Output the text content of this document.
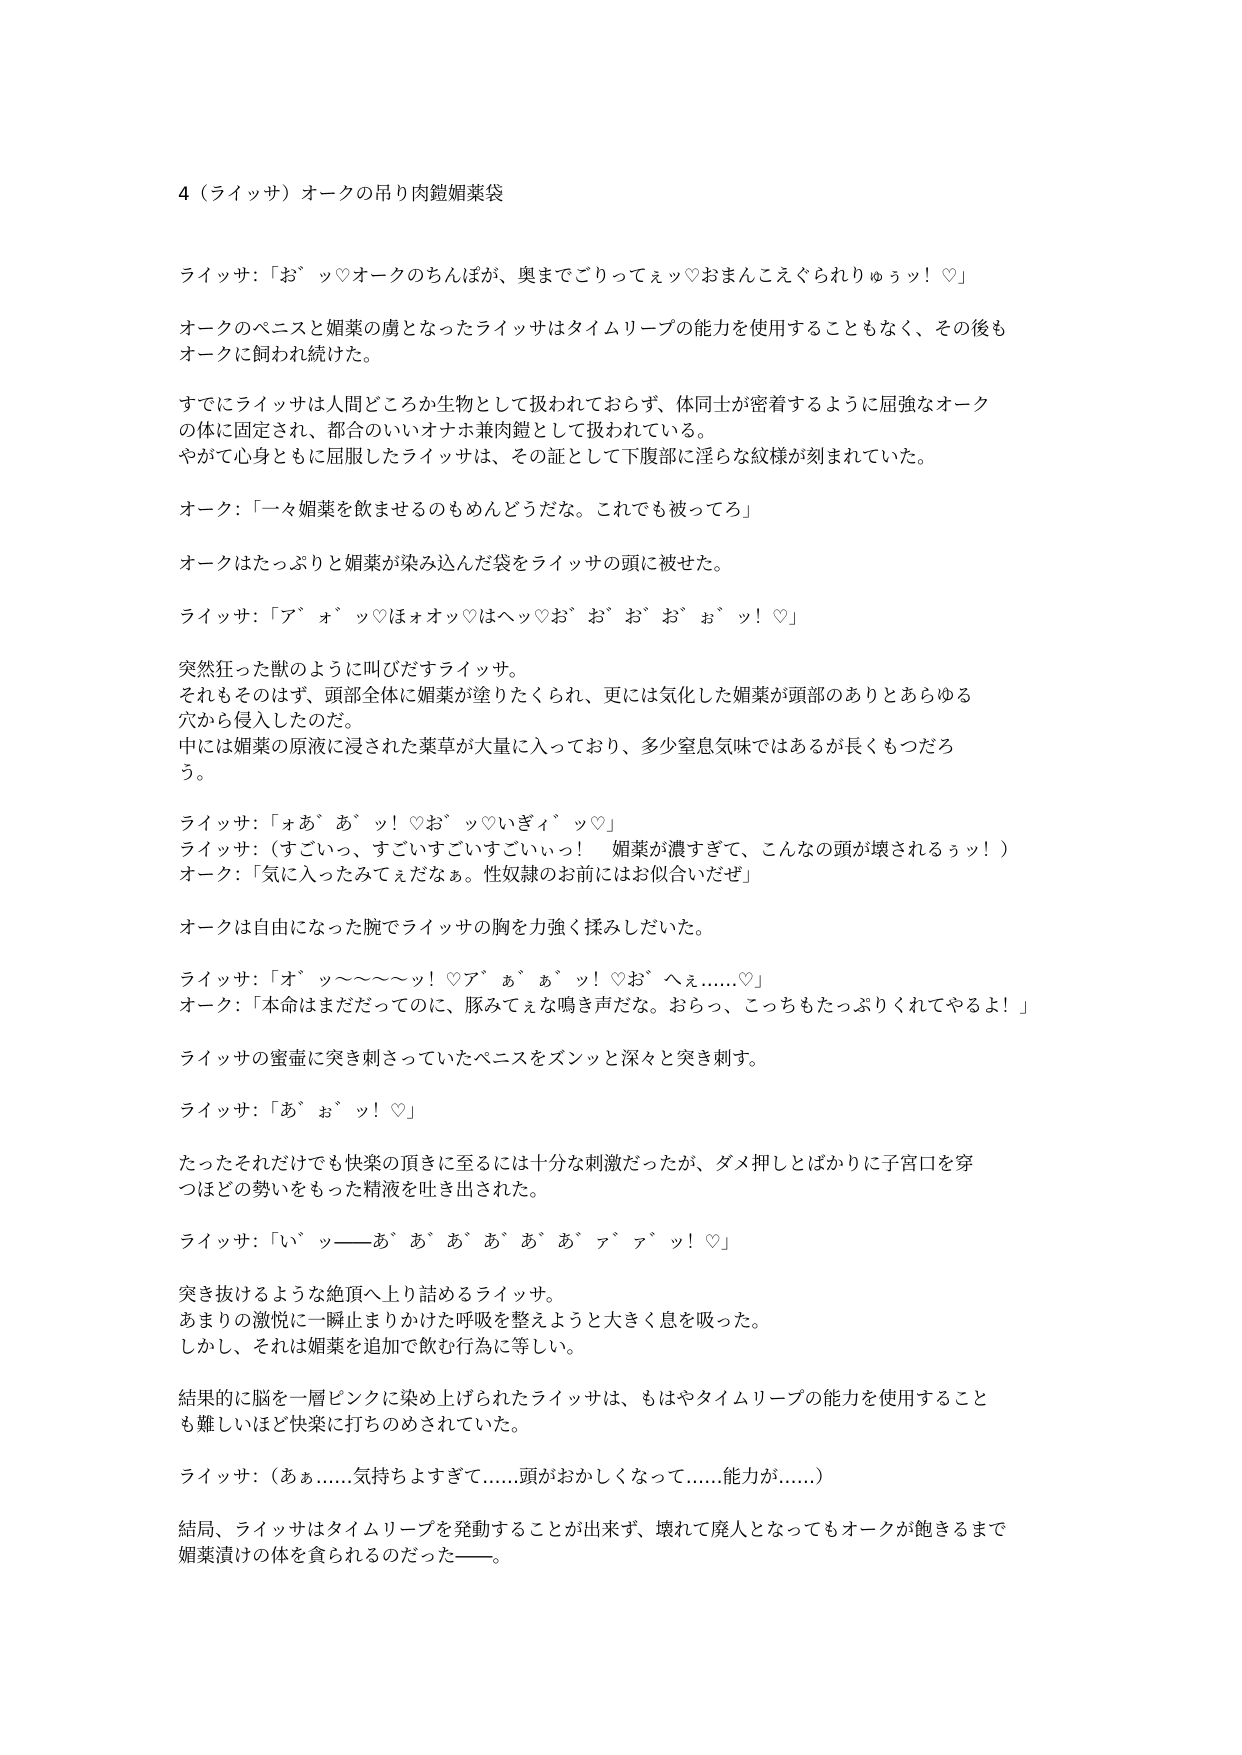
4（ライッサ）オークの吊り肉鎧媚薬袋

ライッサ：「お゛ッ♡オークのちんぽが、奥までごりってぇッ♡おまんこえぐられりゅぅッ！♡」

オークのペニスと媚薬の虜となったライッサはタイムリープの能力を使用することもなく、その後も

オークに飼われ続けた。

すでにライッサは人間どころか生物として扱われておらず、体同士が密着するように屈強なオーク

の体に固定され、都合のいいオナホ兼肉鎧として扱われている。

やがて心身ともに屈服したライッサは、その証として下腹部に淫らな紋様が刻まれていた。

オーク：「一々媚薬を飲ませるのもめんどうだな。これでも被ってろ」

オークはたっぷりと媚薬が染み込んだ袋をライッサの頭に被せた。

ライッサ：「ア゛ォ゛ッ♡ほォオッ♡はヘッ♡お゛お゛お゛お゛ぉ゛ッ！♡」

突然狂った獣のように叫びだすライッサ。

それもそのはず、頭部全体に媚薬が塗りたくられ、更には気化した媚薬が頭部のありとあらゆる

穴から侵入したのだ。

中には媚薬の原液に浸された薬草が大量に入っており、多少窒息気味ではあるが長くもつだろ

う。

ライッサ：「ォあ゛あ゛ッ！♡お゛ッ♡いぎィ゛ッ♡」

ライッサ：（すごいっ、すごいすごいすごいぃっ！　媚薬が濃すぎて、こんなの頭が壊されるぅッ！）

オーク：「気に入ったみてぇだなぁ。性奴隷のお前にはお似合いだぜ」

オークは自由になった腕でライッサの胸を力強く揉みしだいた。

ライッサ：「オ゛ッ～～～～ッ！♡ア゛ぁ゛ぁ゛ッ！♡お゛へぇ……♡」

オーク：「本命はまだだってのに、豚みてぇな鳴き声だな。おらっ、こっちもたっぷりくれてやるよ！」

ライッサの蜜壷に突き刺さっていたペニスをズンッと深々と突き刺す。

ライッサ：「あ゛ぉ゛ッ！♡」

たったそれだけでも快楽の頂きに至るには十分な刺激だったが、ダメ押しとばかりに子宮口を穿

つほどの勢いをもった精液を吐き出された。

ライッサ：「い゛ッ――あ゛あ゛あ゛あ゛あ゛あ゛ァ゛ァ゛ッ！♡」

突き抜けるような絶頂へ上り詰めるライッサ。

あまりの激悦に一瞬止まりかけた呼吸を整えようと大きく息を吸った。

しかし、それは媚薬を追加で飲む行為に等しい。

結果的に脳を一層ピンクに染め上げられたライッサは、もはやタイムリープの能力を使用すること

も難しいほど快楽に打ちのめされていた。

ライッサ：（あぁ……気持ちよすぎて……頭がおかしくなって……能力が……）

結局、ライッサはタイムリープを発動することが出来ず、壊れて廃人となってもオークが飽きるまで

媚薬漬けの体を貪られるのだった――。
